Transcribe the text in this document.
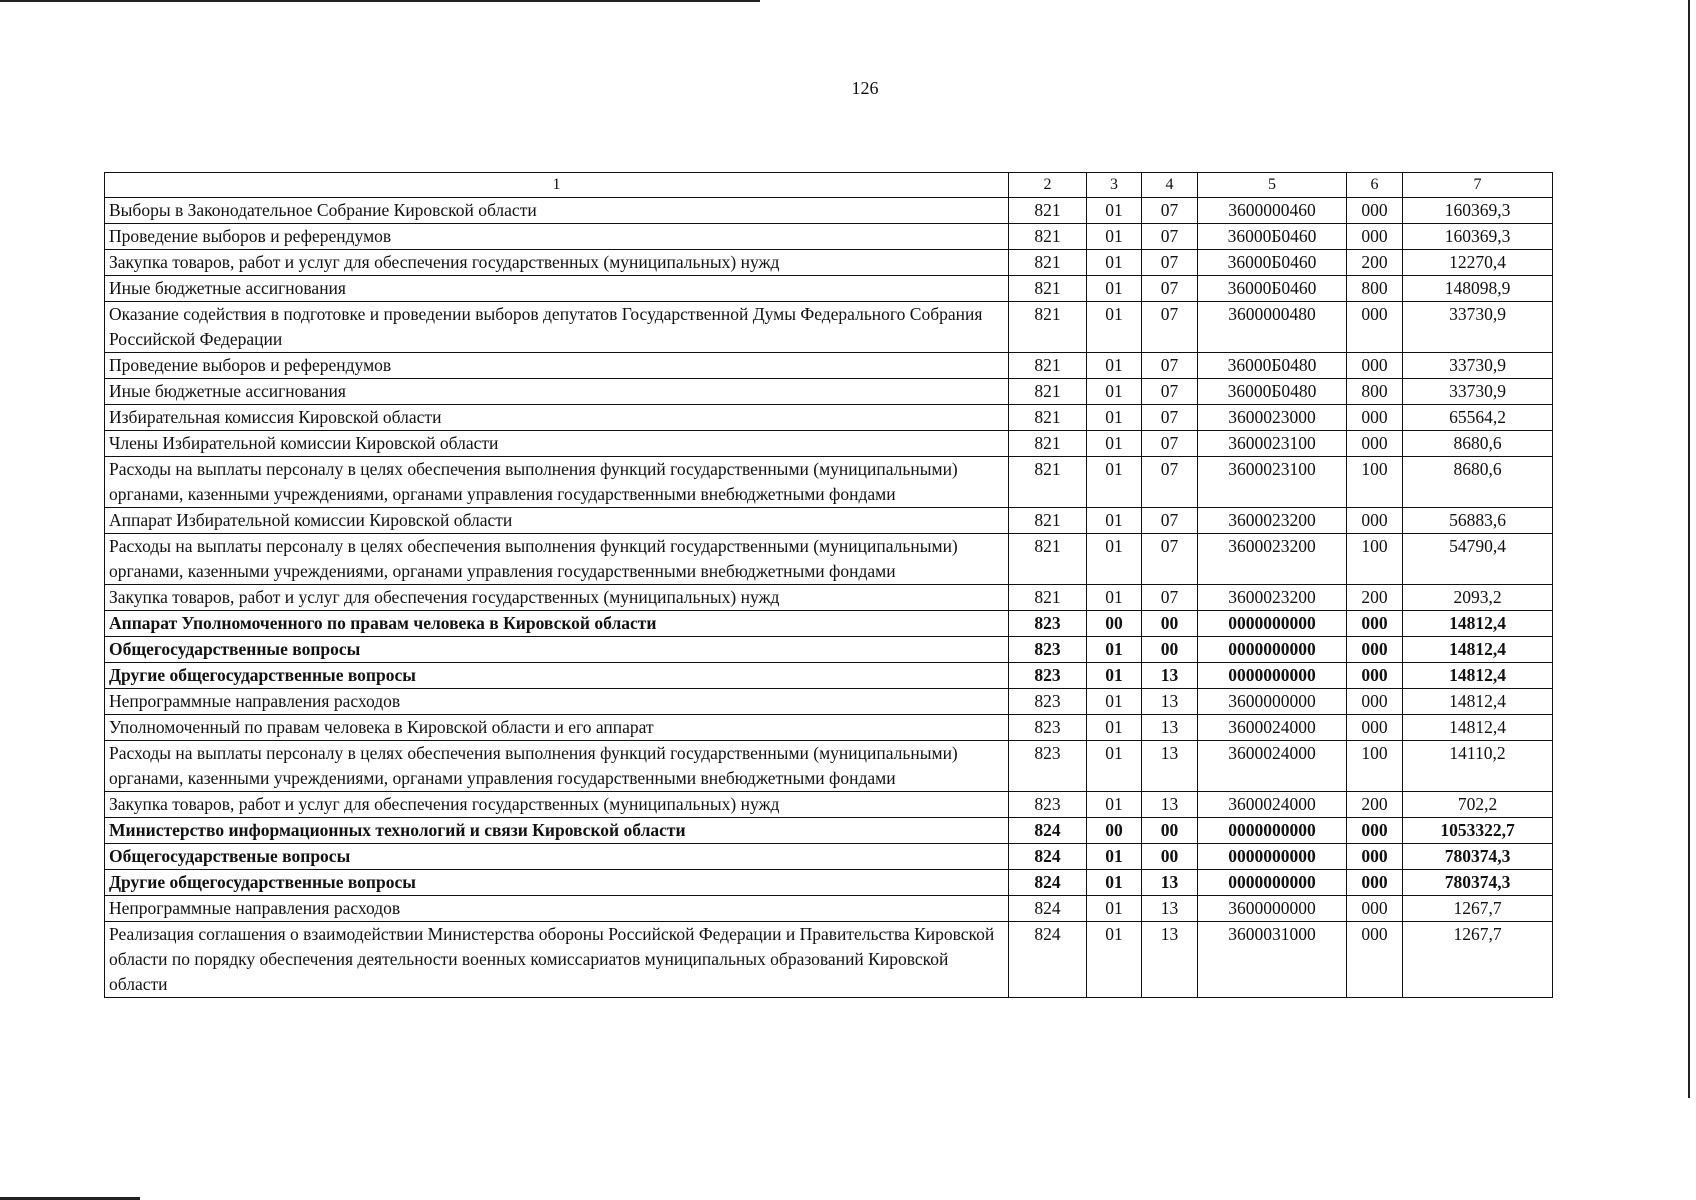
126
1	2	3	4	5	6	7
Выборы в Законодательное Собрание Кировской области	821	01	07	3600000460	000	160369,3
Проведение выборов и референдумов	821	01	07	36000Б0460	000	160369,3
Закупка товаров, работ и услуг для обеспечения государственных (муниципальных) нужд	821	01	07	36000Б0460	200	12270,4
Иные бюджетные ассигнования	821	01	07	36000Б0460	800	148098,9
Оказание содействия в подготовке и проведении выборов депутатов Государственной Думы Федерального Собрания Российской Федерации	821	01	07	3600000480	000	33730,9
Проведение выборов и референдумов	821	01	07	36000Б0480	000	33730,9
Иные бюджетные ассигнования	821	01	07	36000Б0480	800	33730,9
Избирательная комиссия Кировской области	821	01	07	3600023000	000	65564,2
Члены Избирательной комиссии Кировской области	821	01	07	3600023100	000	8680,6
Расходы на выплаты персоналу в целях обеспечения выполнения функций государственными (муниципальными) органами, казенными учреждениями, органами управления государственными внебюджетными фондами	821	01	07	3600023100	100	8680,6
Аппарат Избирательной комиссии Кировской области	821	01	07	3600023200	000	56883,6
Расходы на выплаты персоналу в целях обеспечения выполнения функций государственными (муниципальными) органами, казенными учреждениями, органами управления государственными внебюджетными фондами	821	01	07	3600023200	100	54790,4
Закупка товаров, работ и услуг для обеспечения государственных (муниципальных) нужд	821	01	07	3600023200	200	2093,2
Аппарат Уполномоченного по правам человека в Кировской области	823	00	00	0000000000	000	14812,4
Общегосударственные вопросы	823	01	00	0000000000	000	14812,4
Другие общегосударственные вопросы	823	01	13	0000000000	000	14812,4
Непрограммные направления расходов	823	01	13	3600000000	000	14812,4
Уполномоченный по правам человека в Кировской области и его аппарат	823	01	13	3600024000	000	14812,4
Расходы на выплаты персоналу в целях обеспечения выполнения функций государственными (муниципальными) органами, казенными учреждениями, органами управления государственными внебюджетными фондами	823	01	13	3600024000	100	14110,2
Закупка товаров, работ и услуг для обеспечения государственных (муниципальных) нужд	823	01	13	3600024000	200	702,2
Министерство информационных технологий и связи Кировской области	824	00	00	0000000000	000	1053322,7
Общегосударственые вопросы	824	01	00	0000000000	000	780374,3
Другие общегосударственные вопросы	824	01	13	0000000000	000	780374,3
Непрограммные направления расходов	824	01	13	3600000000	000	1267,7
Реализация соглашения о взаимодействии Министерства обороны Российской Федерации и Правительства Кировской области по порядку обеспечения деятельности военных комиссариатов муниципальных образований Кировской области	824	01	13	3600031000	000	1267,7
